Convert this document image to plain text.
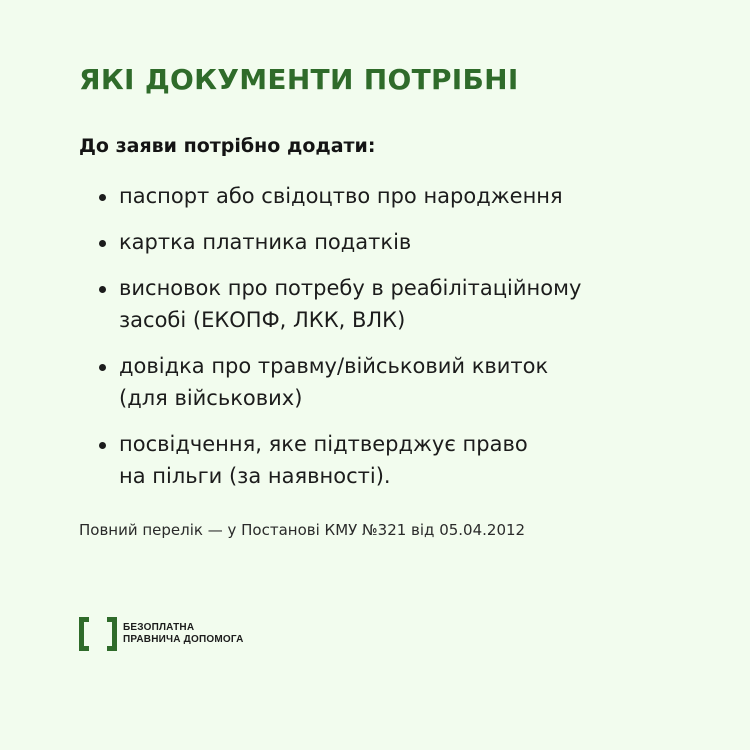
ЯКІ ДОКУМЕНТИ ПОТРІБНІ

До заяви потрібно додати:

паспорт або свідоцтво про народження
картка платника податків
висновок про потребу в реабілітаційному
засобі (ЕКОПФ, ЛКК, ВЛК)
довідка про травму/військовий квиток
(для військових)
посвідчення, яке підтверджує право
на пільги (за наявності).

Повний перелік — у Постанові КМУ №321 від 05.04.2012

БЕЗОПЛАТНА
ПРАВНИЧА ДОПОМОГА
